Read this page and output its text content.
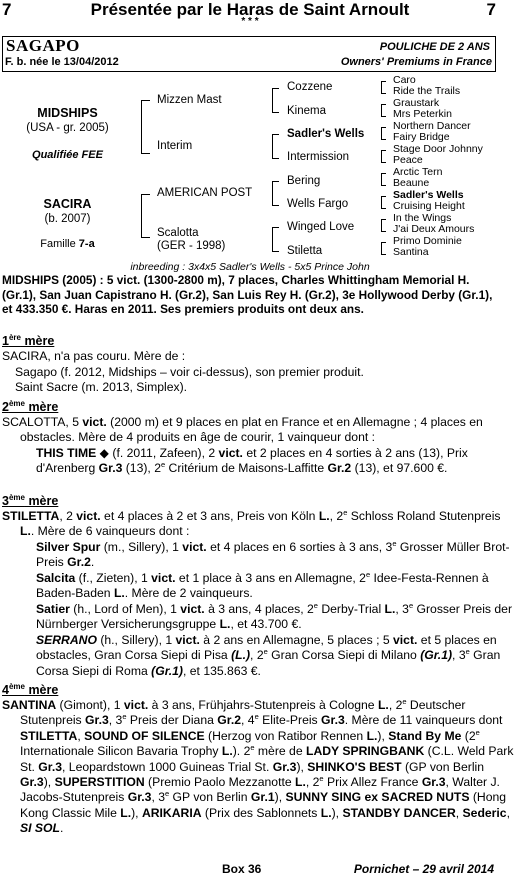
7	Présentée par le Haras de Saint Arnoult	7
* * *
SAGAPO	POULICHE DE 2 ANS
F. b. née le 13/04/2012	Owners' Premiums in France
MIDSHIPS
(USA - gr. 2005)
Qualifiée FEE
SACIRA
(b. 2007)
Famille 7-a
Mizzen Mast
Interim
AMERICAN POST
Scalotta
(GER - 1998)
Cozzene
Kinema
Sadler's Wells
Intermission
Bering
Wells Fargo
Winged Love
Stiletta
Caro
Ride the Trails
Graustark
Mrs Peterkin
Northern Dancer
Fairy Bridge
Stage Door Johnny
Peace
Arctic Tern
Beaune
Sadler's Wells
Cruising Height
In the Wings
J'ai Deux Amours
Primo Dominie
Santina
inbreeding : 3x4x5 Sadler's Wells - 5x5 Prince John
MIDSHIPS (2005) : 5 vict. (1300-2800 m), 7 places, Charles Whittingham Memorial H. (Gr.1), San Juan Capistrano H. (Gr.2), San Luis Rey H. (Gr.2), 3e Hollywood Derby (Gr.1), et 433.350 €. Haras en 2011. Ses premiers produits ont deux ans.
1ère mère
SACIRA, n'a pas couru. Mère de :
Sagapo (f. 2012, Midships – voir ci-dessus), son premier produit.
Saint Sacre (m. 2013, Simplex).
2ème mère
SCALOTTA, 5 vict. (2000 m) et 9 places en plat en France et en Allemagne ; 4 places en obstacles. Mère de 4 produits en âge de courir, 1 vainqueur dont :
THIS TIME ◆ (f. 2011, Zafeen), 2 vict. et 2 places en 4 sorties à 2 ans (13), Prix d'Arenberg Gr.3 (13), 2e Critérium de Maisons-Laffitte Gr.2 (13), et 97.600 €.
3ème mère
STILETTA, 2 vict. et 4 places à 2 et 3 ans, Preis von Köln L., 2e Schloss Roland Stutenpreis L.. Mère de 6 vainqueurs dont :
Silver Spur (m., Sillery), 1 vict. et 4 places en 6 sorties à 3 ans, 3e Grosser Müller Brot-Preis Gr.2.
Salcita (f., Zieten), 1 vict. et 1 place à 3 ans en Allemagne, 2e Idee-Festa-Rennen à Baden-Baden L.. Mère de 2 vainqueurs.
Satier (h., Lord of Men), 1 vict. à 3 ans, 4 places, 2e Derby-Trial L., 3e Grosser Preis der Nürnberger Versicherungsgruppe L., et 43.700 €.
SERRANO (h., Sillery), 1 vict. à 2 ans en Allemagne, 5 places ; 5 vict. et 5 places en obstacles, Gran Corsa Siepi di Pisa (L.), 2e Gran Corsa Siepi di Milano (Gr.1), 3e Gran Corsa Siepi di Roma (Gr.1), et 135.863 €.
4ème mère
SANTINA (Gimont), 1 vict. à 3 ans, Frühjahrs-Stutenpreis à Cologne L., 2e Deutscher Stutenpreis Gr.3, 3e Preis der Diana Gr.2, 4e Elite-Preis Gr.3. Mère de 11 vainqueurs dont STILETTA, SOUND OF SILENCE (Herzog von Ratibor Rennen L.), Stand By Me (2e Internationale Silicon Bavaria Trophy L.). 2e mère de LADY SPRINGBANK (C.L. Weld Park St. Gr.3, Leopardstown 1000 Guineas Trial St. Gr.3), SHINKO'S BEST (GP von Berlin Gr.3), SUPERSTITION (Premio Paolo Mezzanotte L., 2e Prix Allez France Gr.3, Walter J. Jacobs-Stutenpreis Gr.3, 3e GP von Berlin Gr.1), SUNNY SING ex SACRED NUTS (Hong Kong Classic Mile L.), ARIKARIA (Prix des Sablonnets L.), STANDBY DANCER, Sederic, SI SOL.
Box 36	Pornichet – 29 avril 2014
